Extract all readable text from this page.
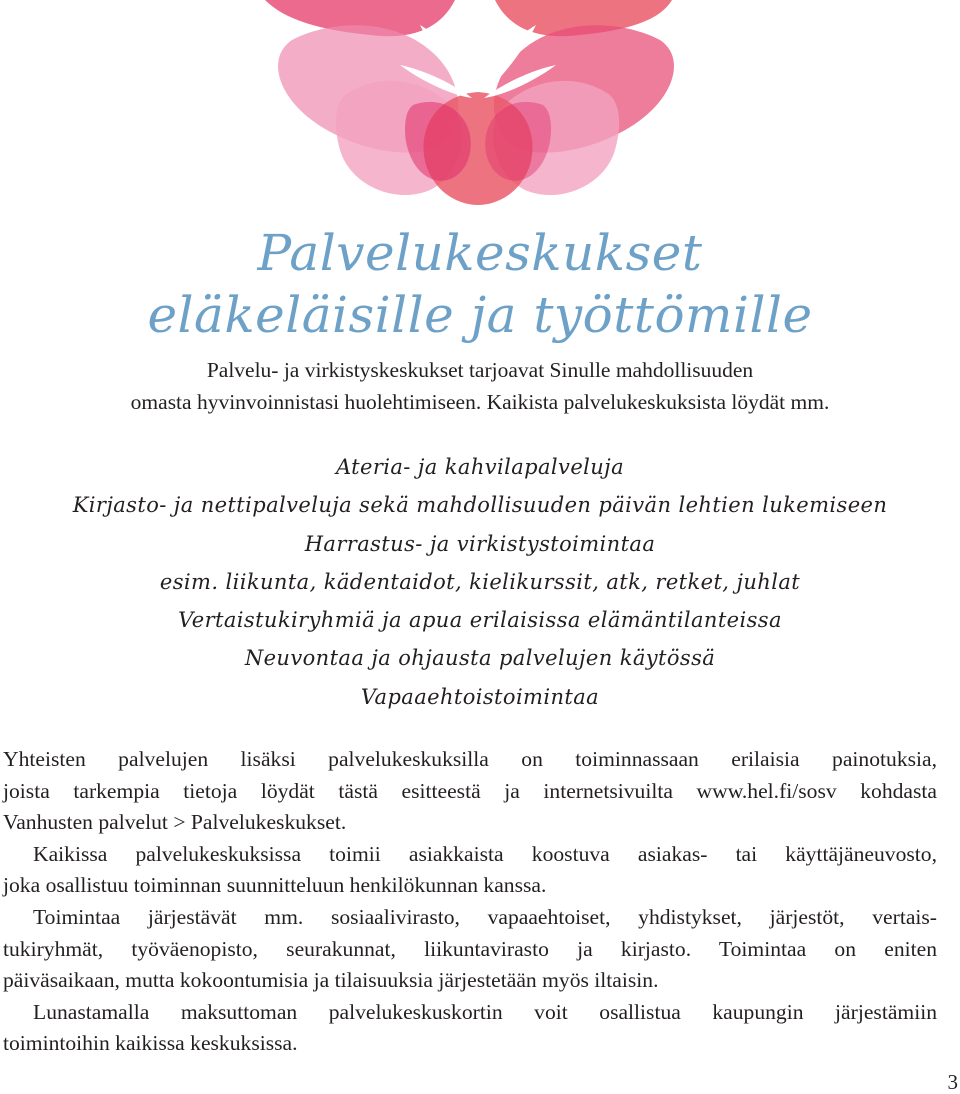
Palvelukeskukset
eläkeläisille ja työttömille

Palvelu- ja virkistyskeskukset tarjoavat Sinulle mahdollisuuden

omasta hyvinvoinnistasi huolehtimiseen. Kaikista palvelukeskuksista löydät mm.

Ateria- ja kahvilapalveluja
Kirjasto- ja nettipalveluja sekä mahdollisuuden päivän lehtien lukemiseen
Harrastus- ja virkistystoimintaa
esim. liikunta, kädentaidot, kielikurssit, atk, retket, juhlat
Vertaistukiryhmiä ja apua erilaisissa elämäntilanteissa
Neuvontaa ja ohjausta palvelujen käytössä
Vapaaehtoistoimintaa
Yhteisten palvelujen lisäksi palvelukeskuksilla on toiminnassaan erilaisia painotuksia,
joista tarkempia tietoja löydät tästä esitteestä ja internetsivuilta www.hel.fi/sosv kohdasta
Vanhusten palvelut > Palvelukeskukset.
Kaikissa palvelukeskuksissa toimii asiakkaista koostuva asiakas- tai käyttäjäneuvosto,
joka osallistuu toiminnan suunnitteluun henkilökunnan kanssa.
Toimintaa järjestävät mm. sosiaalivirasto, vapaaehtoiset, yhdistykset, järjestöt, vertais-
tukiryhmät, työväenopisto, seurakunnat, liikuntavirasto ja kirjasto. Toimintaa on eniten
päiväsaikaan, mutta kokoontumisia ja tilaisuuksia järjestetään myös iltaisin.
Lunastamalla maksuttoman palvelukeskuskortin voit osallistua kaupungin järjestämiin
toimintoihin kaikissa keskuksissa.
3
